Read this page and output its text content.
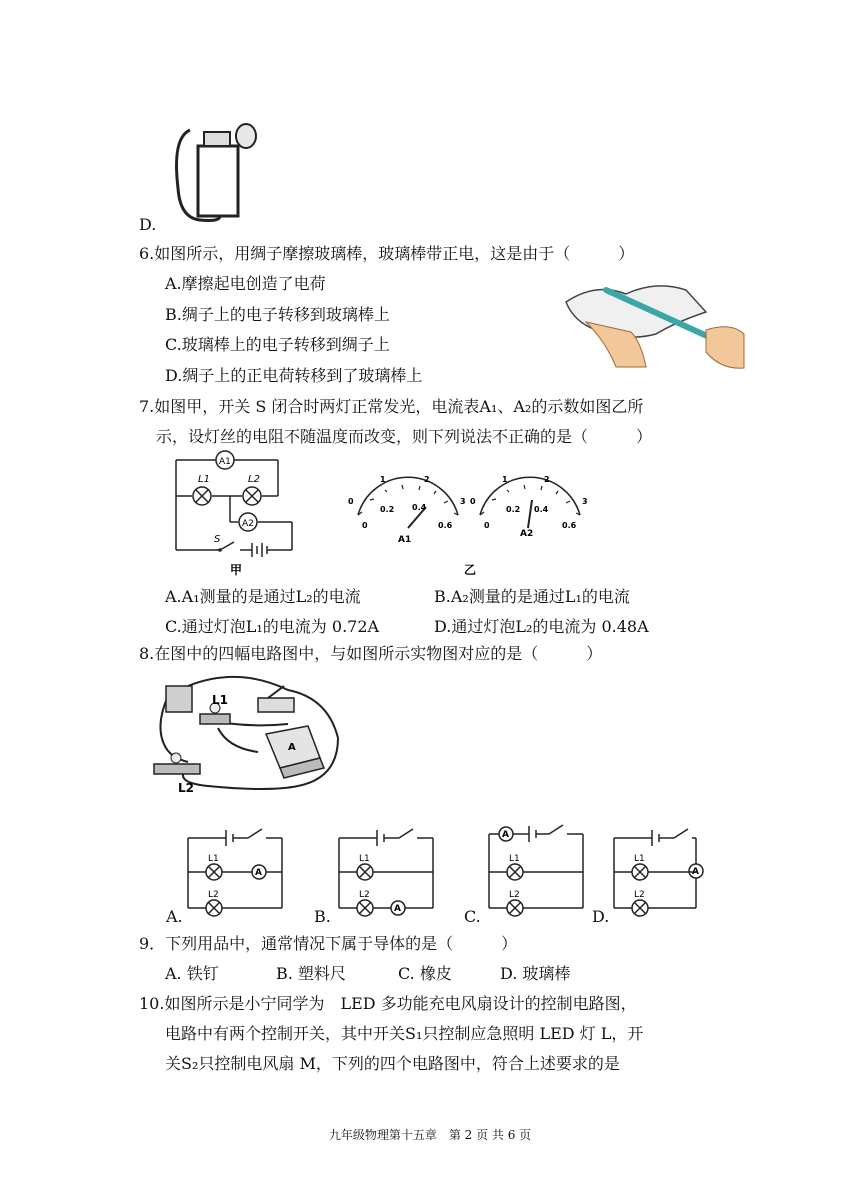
D.
6.如图所示，用绸子摩擦玻璃棒，玻璃棒带正电，这是由于（　　　）
A.摩擦起电创造了电荷
B.绸子上的电子转移到玻璃棒上
C.玻璃棒上的电子转移到绸子上
D.绸子上的正电荷转移到了玻璃棒上
7.如图甲，开关 S 闭合时两灯正常发光，电流表A₁、A₂的示数如图乙所
示，设灯丝的电阻不随温度而改变，则下列说法不正确的是（　　　）
A1
A2
L1	L2
S
甲
0
1	2
3
0
0.2 0.4
0.6
A1
0
1	2
3
0
0.2 0.4
0.6
A2
乙
A.A₁测量的是通过L₂的电流	B.A₂测量的是通过L₁的电流
C.通过灯泡L₁的电流为 0.72A	D.通过灯泡L₂的电流为 0.48A
8.在图中的四幅电路图中，与如图所示实物图对应的是（　　　）
L1
L2
A
L1
L2
A
A.
L1
L2
A
B.
L1
L2
A
C.
L1
L2
A
D.
9．下列用品中，通常情况下属于导体的是（　　　）
A. 铁钉	B. 塑料尺	C. 橡皮	D. 玻璃棒
10.如图所示是小宁同学为　LED 多功能充电风扇设计的控制电路图，
电路中有两个控制开关，其中开关S₁只控制应急照明 LED 灯 L，开
关S₂只控制电风扇 M，下列的四个电路图中，符合上述要求的是
九年级物理第十五章　第 2 页 共 6 页
